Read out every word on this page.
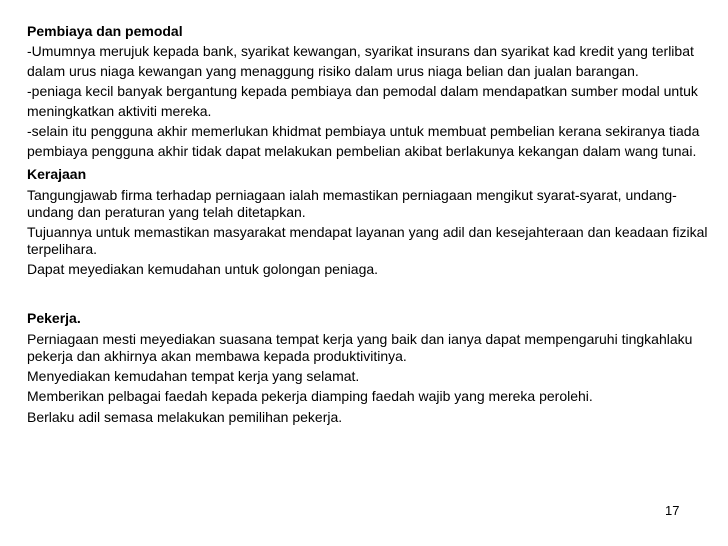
Pembiaya dan pemodal

-Umumnya merujuk kepada bank, syarikat kewangan, syarikat insurans dan syarikat kad kredit yang terlibat dalam urus niaga kewangan yang menaggung risiko dalam urus niaga belian dan jualan barangan.

-peniaga kecil banyak bergantung kepada pembiaya dan pemodal dalam mendapatkan sumber modal untuk meningkatkan aktiviti mereka.

-selain itu pengguna akhir memerlukan khidmat pembiaya untuk membuat pembelian kerana sekiranya tiada pembiaya pengguna akhir tidak dapat melakukan pembelian akibat berlakunya kekangan dalam wang tunai.

Kerajaan

Tangungjawab firma terhadap perniagaan ialah memastikan perniagaan mengikut syarat-syarat, undang-undang dan peraturan yang telah ditetapkan.

Tujuannya untuk memastikan masyarakat mendapat layanan yang adil dan kesejahteraan dan keadaan fizikal terpelihara.

Dapat meyediakan kemudahan untuk golongan peniaga.

Pekerja.

Perniagaan mesti meyediakan suasana tempat kerja yang baik dan ianya dapat mempengaruhi tingkahlaku pekerja dan akhirnya akan membawa kepada produktivitinya.

Menyediakan kemudahan tempat kerja yang selamat.

Memberikan pelbagai faedah kepada pekerja diamping faedah wajib yang mereka perolehi.

Berlaku adil semasa melakukan pemilihan pekerja.

17
